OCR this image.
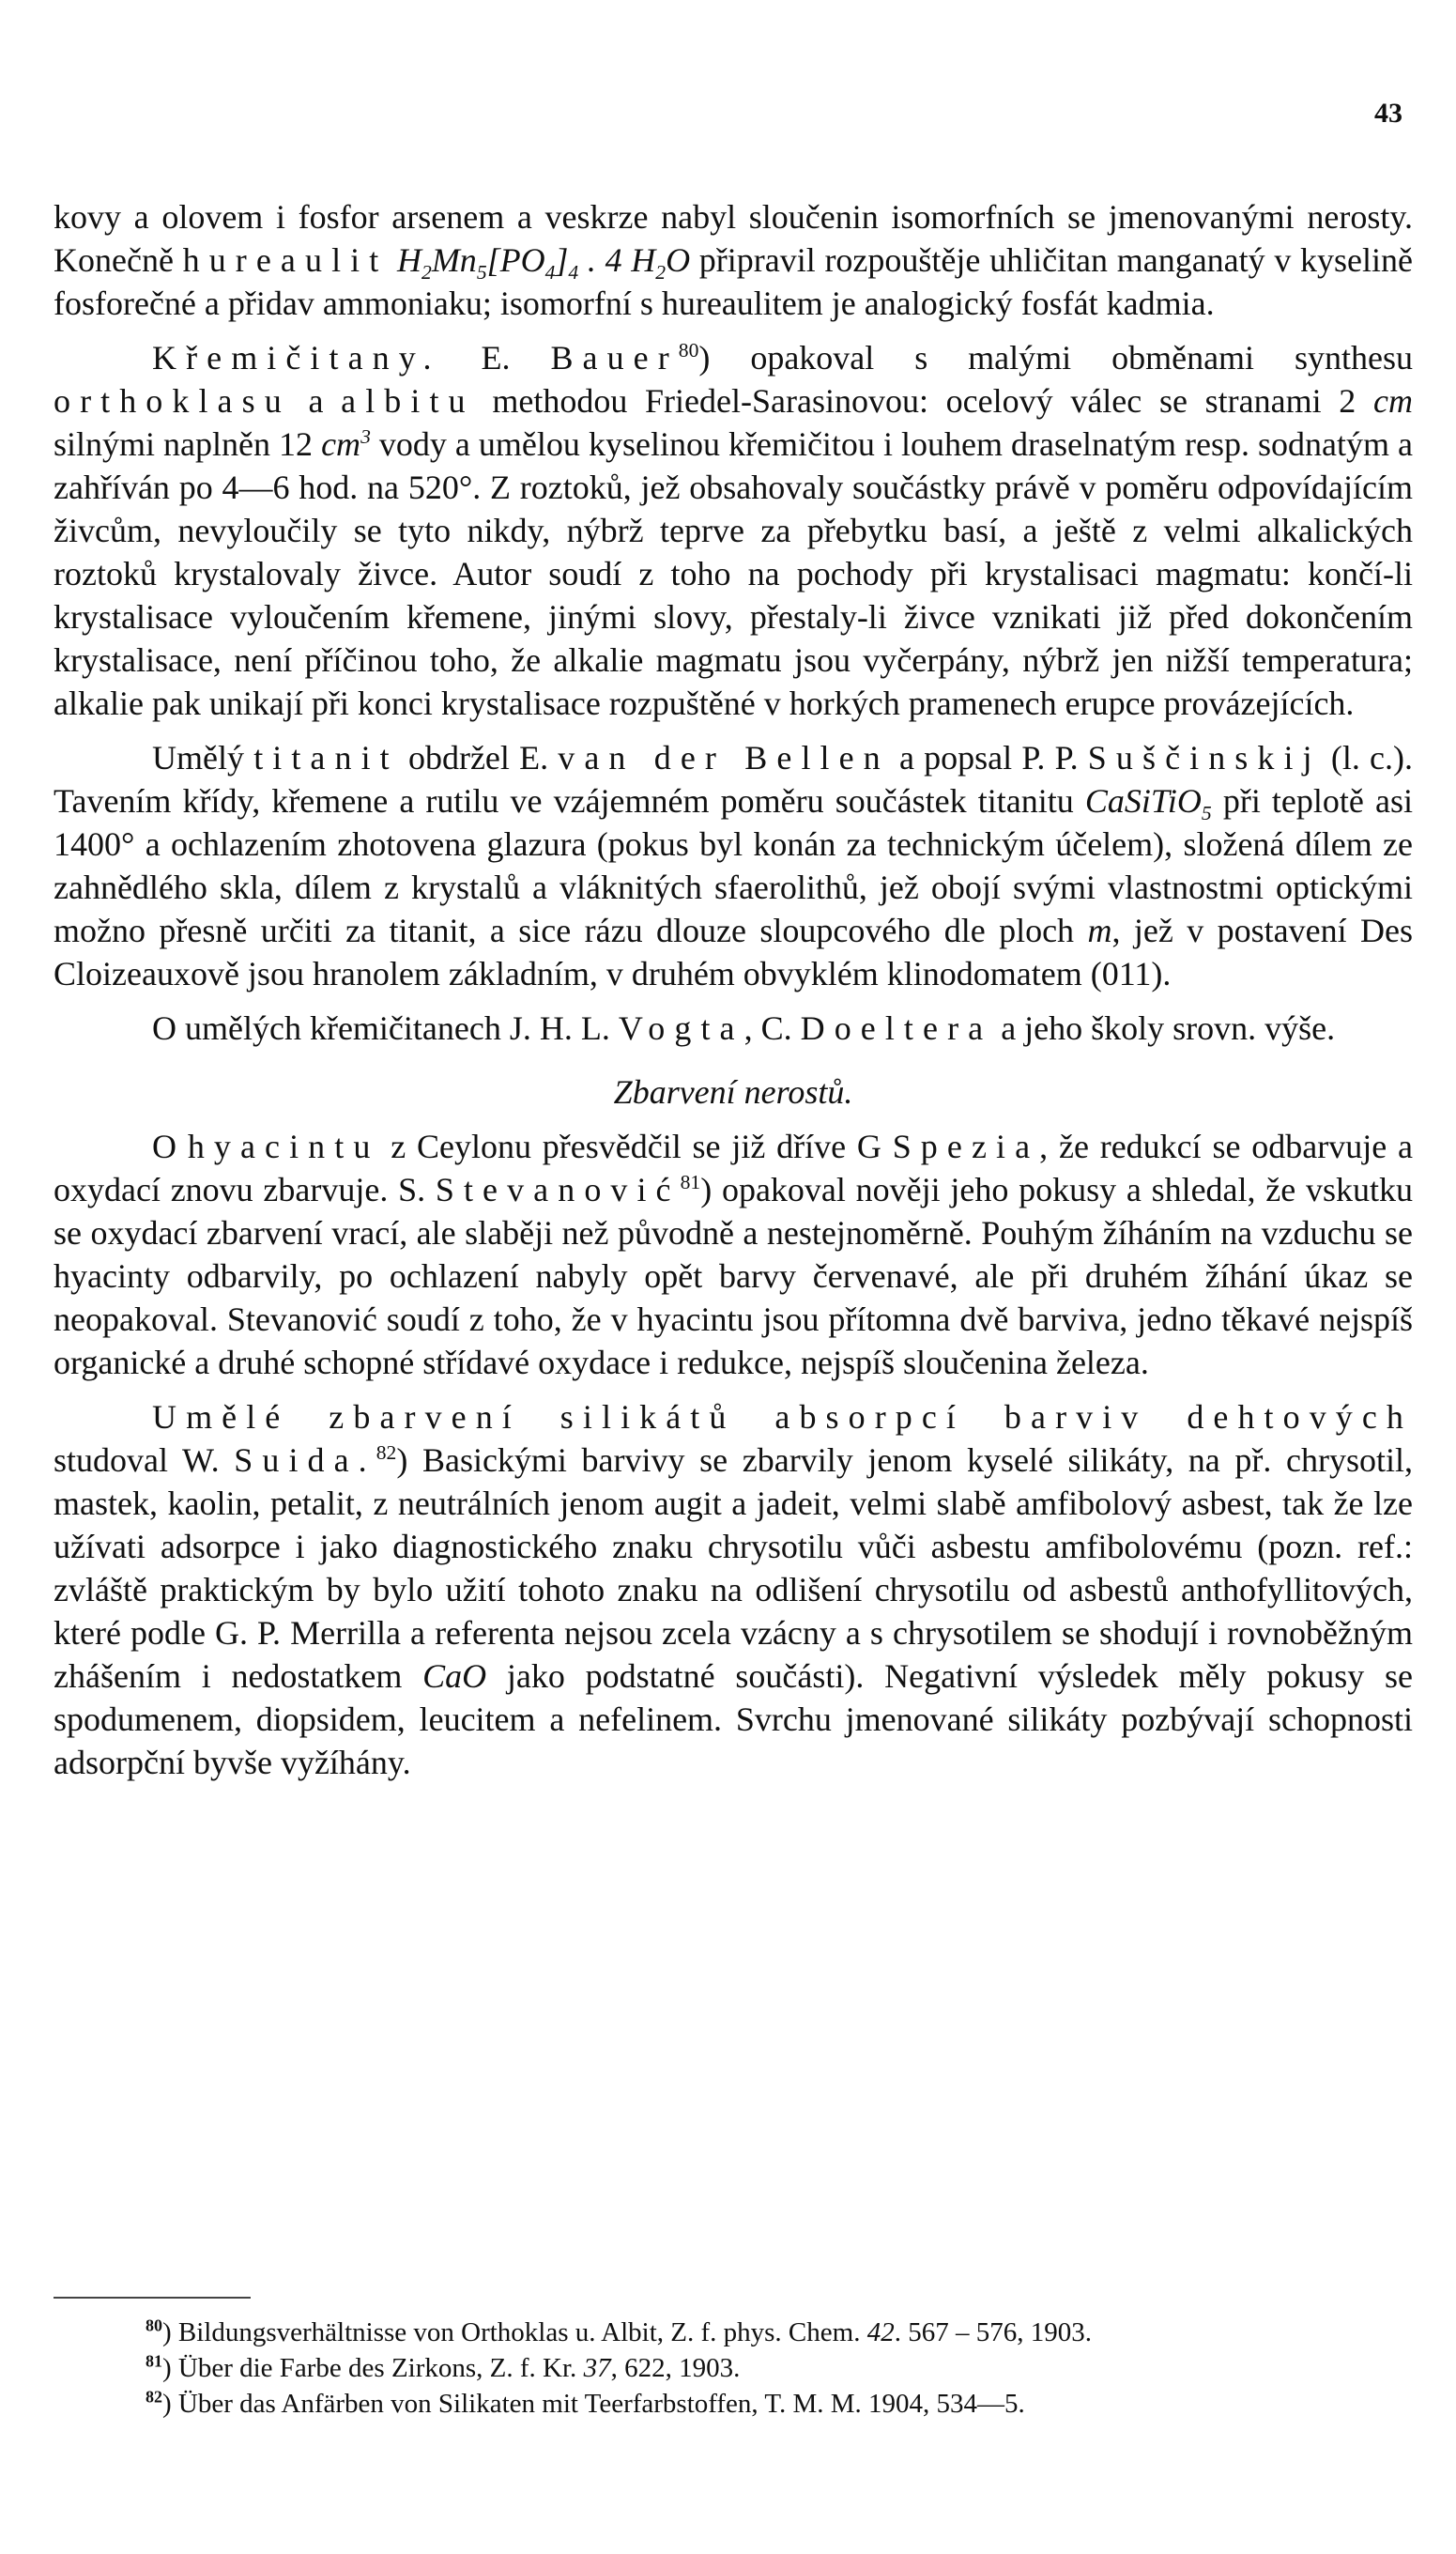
43

kovy a olovem i fosfor arsenem a veskrze nabyl sloučenin isomorfních se jmenovanými nerosty. Konečně hureaulit $H_2Mn_5[PO_4]_4$ . 4 $H_2O$ připravil rozpouštěje uhličitan manganatý v kyselině fosforečné a přidav ammoniaku; isomorfní s hureaulitem je analogický fosfát kadmia.

Křemičitany. E. Bauer$^{80}$) opakoval s malými obměnami synthesu orthoklasu a albitu methodou Friedel-Sarasinovou: ocelový válec se stranami 2 cm silnými naplněn 12 $cm^3$ vody a umělou kyselinou křemičitou i louhem draselnatým resp. sodnatým a zahříván po 4—6 hod. na 520°. Z roztoků, jež obsahovaly součástky právě v poměru odpovídajícím živcům, nevyloučily se tyto nikdy, nýbrž teprve za přebytku basí, a ještě z velmi alkalických roztoků krystalovaly živce. Autor soudí z toho na pochody při krystalisaci magmatu: končí-li krystalisace vyloučením křemene, jinými slovy, přestaly-li živce vznikati již před dokončením krystalisace, není příčinou toho, že alkalie magmatu jsou vyčerpány, nýbrž jen nižší temperatura; alkalie pak unikají při konci krystalisace rozpuštěné v horkých pramenech erupce provázejících.

Umělý titanit obdržel E. van der Bellen a popsal P. P. Suščinskij (l. c.). Tavením křídy, křemene a rutilu ve vzájemném poměru součástek titanitu CaSiTiO$_5$ při teplotě asi 1400° a ochlazením zhotovena glazura (pokus byl konán za technickým účelem), složená dílem ze zahnědlého skla, dílem z krystalů a vláknitých sfaerolithů, jež obojí svými vlastnostmi optickými možno přesně určiti za titanit, a sice rázu dlouze sloupcového dle ploch m, jež v postavení Des Cloizeauxově jsou hranolem základním, v druhém obvyklém klinodomatem (011).

O umělých křemičitanech J. H. L. Vogta, C. Doeltera a jeho školy srovn. výše.

Zbarvení nerostů.

O hyacintu z Ceylonu přesvědčil se již dříve G Spezia, že redukcí se odbarvuje a oxydací znovu zbarvuje. S. Stevanović$^{81}$) opakoval nověji jeho pokusy a shledal, že vskutku se oxydací zbarvení vrací, ale slaběji než původně a nestejnoměrně. Pouhým žíháním na vzduchu se hyacinty odbarvily, po ochlazení nabyly opět barvy červenavé, ale při druhém žíhání úkaz se neopakoval. Stevanović soudí z toho, že v hyacintu jsou přítomna dvě barviva, jedno těkavé nejspíš organické a druhé schopné střídavé oxydace i redukce, nejspíš sloučenina železa.

Umělé zbarvení silikátů absorpcí barviv dehtových studoval W. Suida.$^{82}$) Basickými barvivy se zbarvily jenom kyselé silikáty, na př. chrysotil, mastek, kaolin, petalit, z neutrálních jenom augit a jadeit, velmi slabě amfibolový asbest, tak že lze užívati adsorpce i jako diagnostického znaku chrysotilu vůči asbestu amfibolovému (pozn. ref.: zvláště praktickým by bylo užití tohoto znaku na odlišení chrysotilu od asbestů anthofyllitových, které podle G. P. Merrilla a referenta nejsou zcela vzácny a s chrysotilem se shodují i rovnoběžným zhášením i nedostatkem CaO jako podstatné součásti). Negativní výsledek měly pokusy se spodumenem, diopsidem, leucitem a nefelinem. Svrchu jmenované silikáty pozbývají schopnosti adsorpční byvše vyžíhány.

$^{80}$) Bildungsverhältnisse von Orthoklas u. Albit, Z. f. phys. Chem. 42. 567 – 576, 1903.

$^{81}$) Über die Farbe des Zirkons, Z. f. Kr. 37, 622, 1903.

$^{82}$) Über das Anfärben von Silikaten mit Teerfarbstoffen, T. M. M. 1904, 534—5.
